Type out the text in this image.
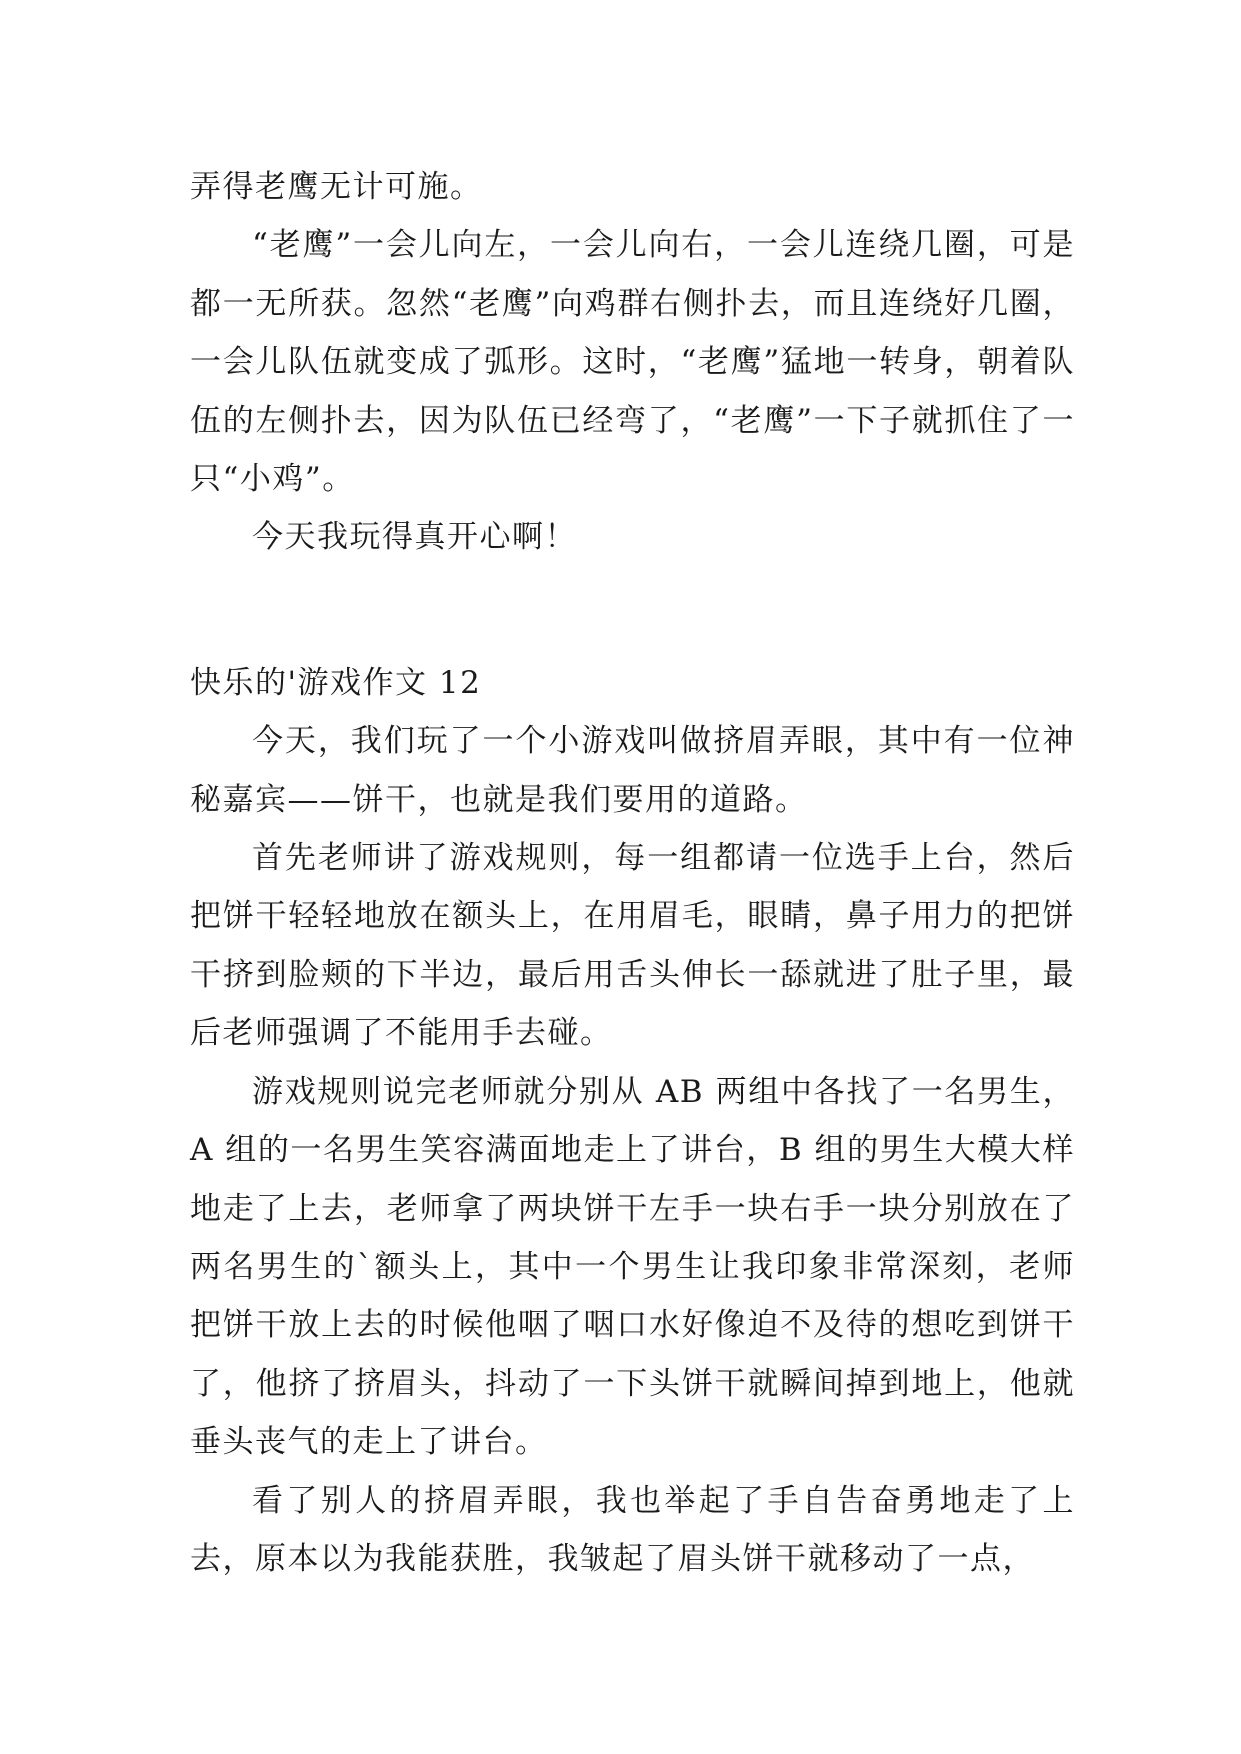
弄得老鹰无计可施。

“老鹰”一会儿向左，一会儿向右，一会儿连绕几圈，可是都一无所获。忽然“老鹰”向鸡群右侧扑去，而且连绕好几圈，一会儿队伍就变成了弧形。这时，“老鹰”猛地一转身，朝着队伍的左侧扑去，因为队伍已经弯了，“老鹰”一下子就抓住了一只“小鸡”。

今天我玩得真开心啊！

快乐的'游戏作文 12

今天，我们玩了一个小游戏叫做挤眉弄眼，其中有一位神秘嘉宾——饼干，也就是我们要用的道路。

首先老师讲了游戏规则，每一组都请一位选手上台，然后把饼干轻轻地放在额头上，在用眉毛，眼睛，鼻子用力的把饼干挤到脸颊的下半边，最后用舌头伸长一舔就进了肚子里，最后老师强调了不能用手去碰。

游戏规则说完老师就分别从 AB 两组中各找了一名男生，A 组的一名男生笑容满面地走上了讲台，B 组的男生大模大样地走了上去，老师拿了两块饼干左手一块右手一块分别放在了两名男生的`额头上，其中一个男生让我印象非常深刻，老师把饼干放上去的时候他咽了咽口水好像迫不及待的想吃到饼干了，他挤了挤眉头，抖动了一下头饼干就瞬间掉到地上，他就垂头丧气的走上了讲台。

看了别人的挤眉弄眼，我也举起了手自告奋勇地走了上去，原本以为我能获胜，我皱起了眉头饼干就移动了一点，
